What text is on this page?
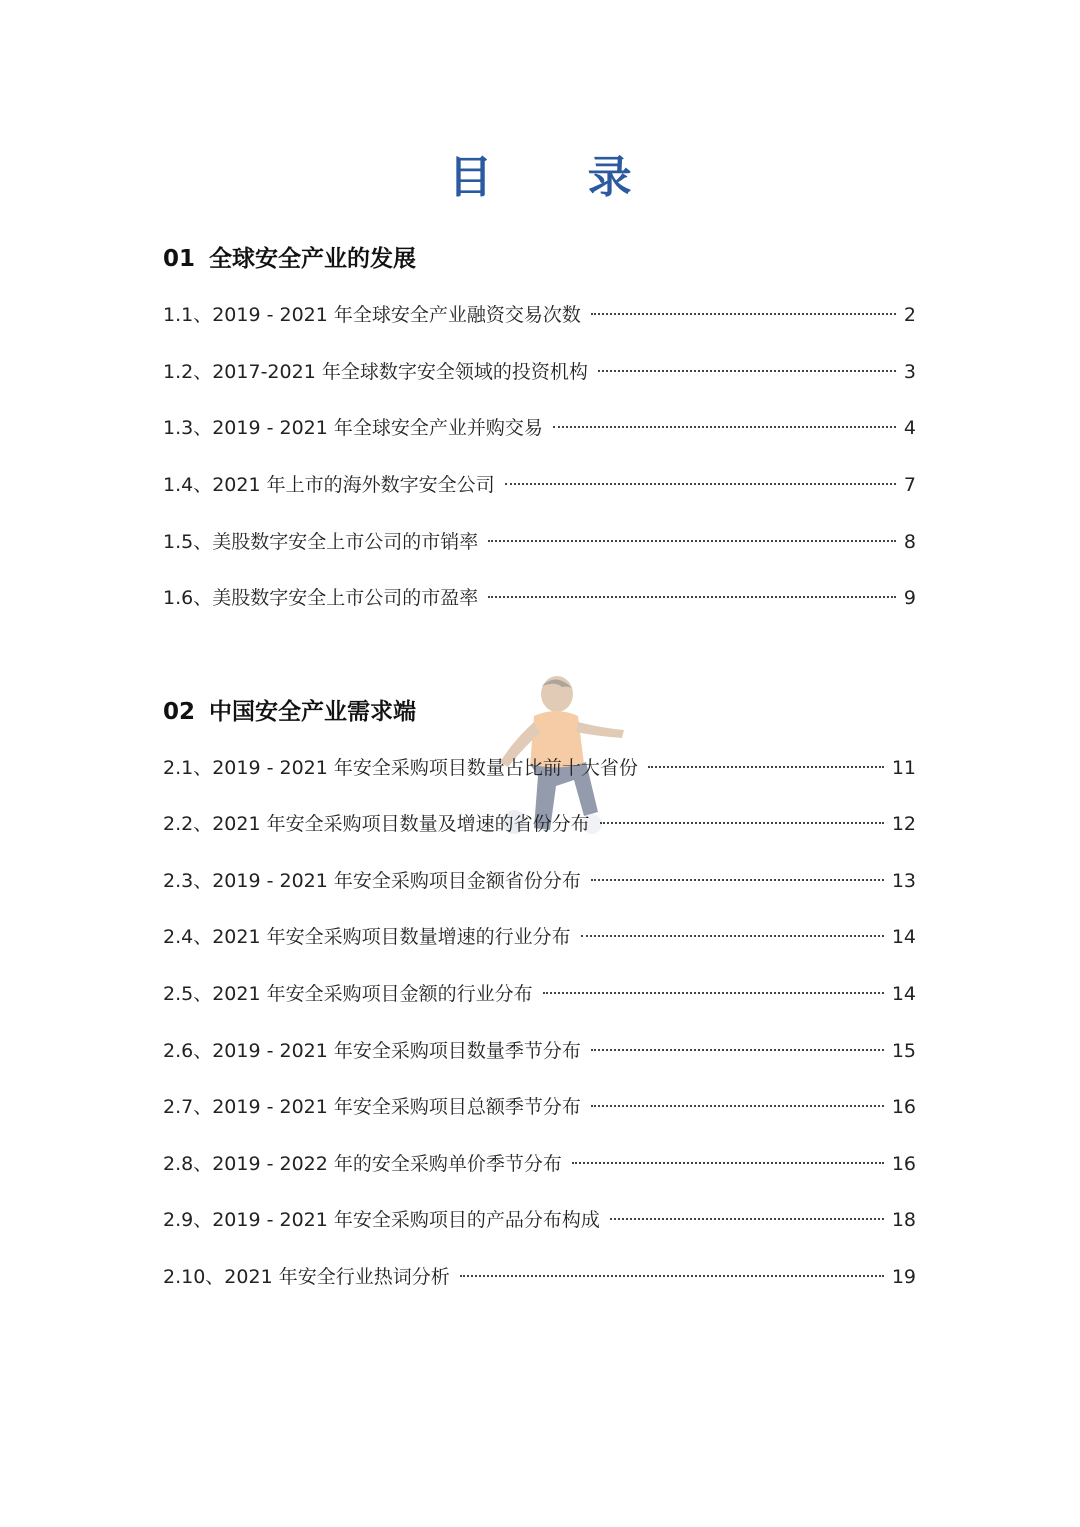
目 录
01 全球安全产业的发展
1.1、2019 - 2021 年全球安全产业融资交易次数	2
1.2、2017-2021 年全球数字安全领域的投资机构	3
1.3、2019 - 2021 年全球安全产业并购交易	4
1.4、2021 年上市的海外数字安全公司	7
1.5、美股数字安全上市公司的市销率	8
1.6、美股数字安全上市公司的市盈率	9
02 中国安全产业需求端
2.1、2019 - 2021 年安全采购项目数量占比前十大省份	11
2.2、2021 年安全采购项目数量及增速的省份分布	12
2.3、2019 - 2021 年安全采购项目金额省份分布	13
2.4、2021 年安全采购项目数量增速的行业分布	14
2.5、2021 年安全采购项目金额的行业分布	14
2.6、2019 - 2021 年安全采购项目数量季节分布	15
2.7、2019 - 2021 年安全采购项目总额季节分布	16
2.8、2019 - 2022 年的安全采购单价季节分布	16
2.9、2019 - 2021 年安全采购项目的产品分布构成	18
2.10、2021 年安全行业热词分析	19
